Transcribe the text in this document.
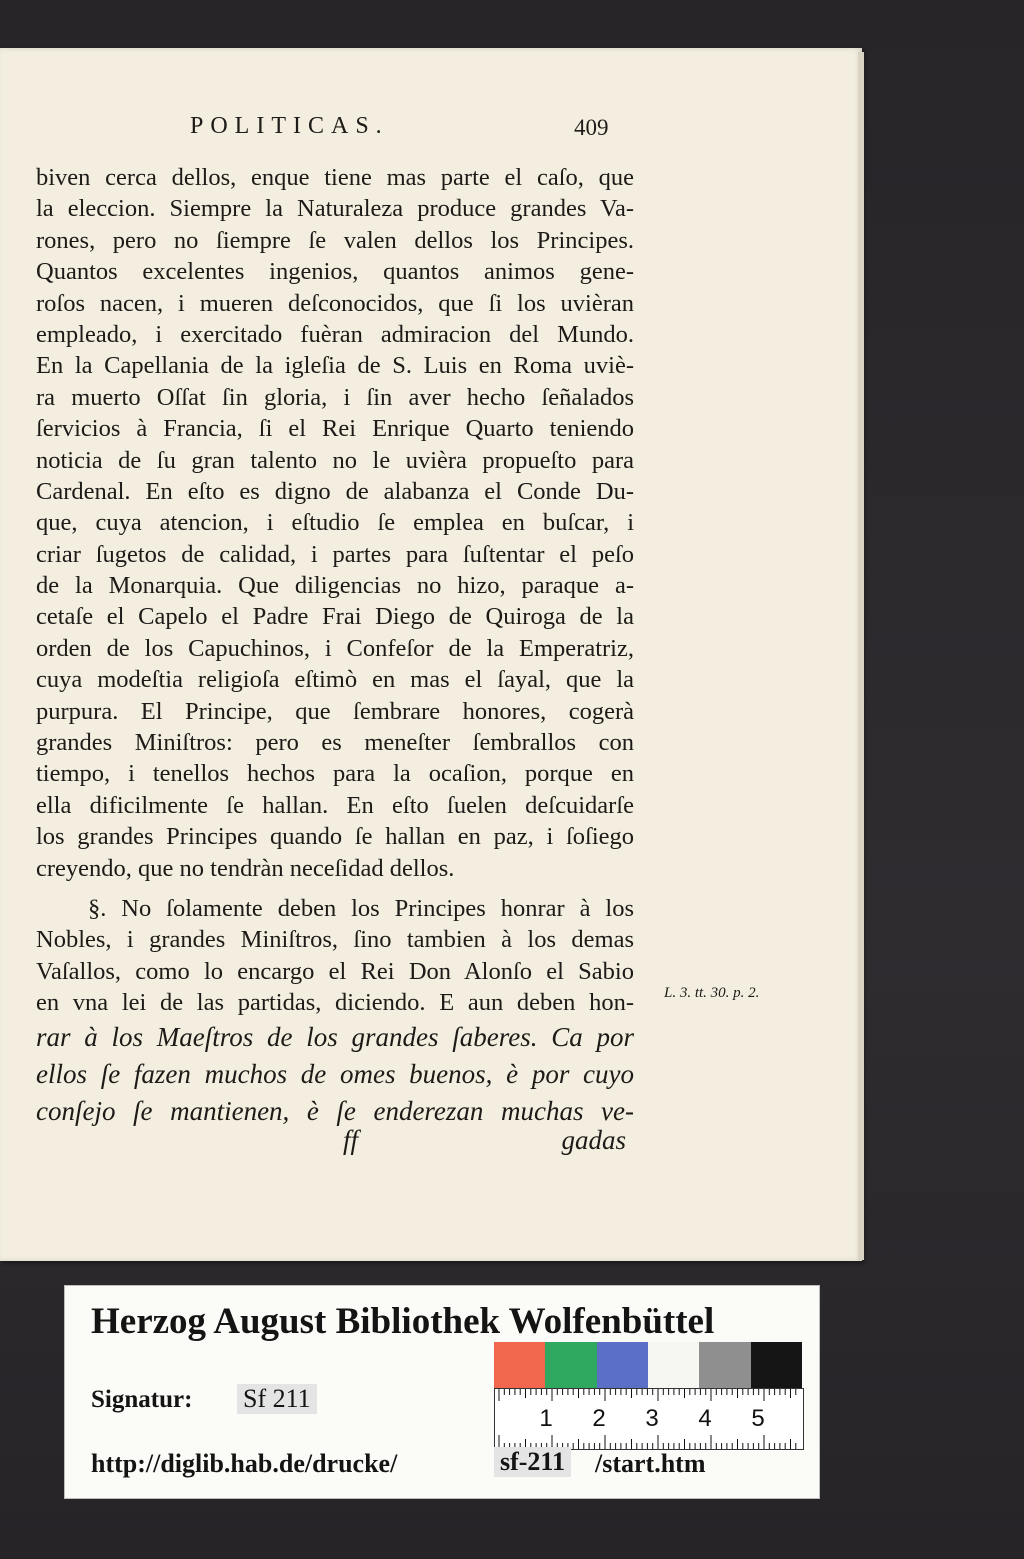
POLITICAS.	409
biven cerca dellos, enque tiene mas parte el caſo, que
la eleccion. Siempre la Naturaleza produce grandes Va-
rones, pero no ſiempre ſe valen dellos los Principes.
Quantos excelentes ingenios, quantos animos gene-
roſos nacen, i mueren deſconocidos, que ſi los uvièran
empleado, i exercitado fuèran admiracion del Mundo.
En la Capellania de la igleſia de S. Luis en Roma uviè-
ra muerto Oſſat ſin gloria, i ſin aver hecho ſeñalados
ſervicios à Francia, ſi el Rei Enrique Quarto teniendo
noticia de ſu gran talento no le uvièra propueſto para
Cardenal. En eſto es digno de alabanza el Conde Du-
que, cuya atencion, i eſtudio ſe emplea en buſcar, i
criar ſugetos de calidad, i partes para ſuſtentar el peſo
de la Monarquia. Que diligencias no hizo, paraque a-
cetaſe el Capelo el Padre Frai Diego de Quiroga de la
orden de los Capuchinos, i Confeſor de la Emperatriz,
cuya modeſtia religioſa eſtimò en mas el ſayal, que la
purpura. El Principe, que ſembrare honores, cogerà
grandes Miniſtros: pero es meneſter ſembrallos con
tiempo, i tenellos hechos para la ocaſion, porque en
ella dificilmente ſe hallan. En eſto ſuelen deſcuidarſe
los grandes Principes quando ſe hallan en paz, i ſoſiego
creyendo, que no tendràn neceſidad dellos.
§. No ſolamente deben los Principes honrar à los
Nobles, i grandes Miniſtros, ſino tambien à los demas
Vaſallos, como lo encargo el Rei Don Alonſo el Sabio
en vna lei de las partidas, diciendo. E aun deben hon-
rar à los Maeſtros de los grandes ſaberes. Ca por
ellos ſe fazen muchos de omes buenos, è por cuyo
conſejo ſe mantienen, è ſe enderezan muchas ve-
ff	gadas
L. 3. tt. 30. p. 2.
Herzog August Bibliothek Wolfenbüttel
1 2 3 4 5
Signatur: Sf 211
http://diglib.hab.de/drucke/	sf-211 /start.htm
